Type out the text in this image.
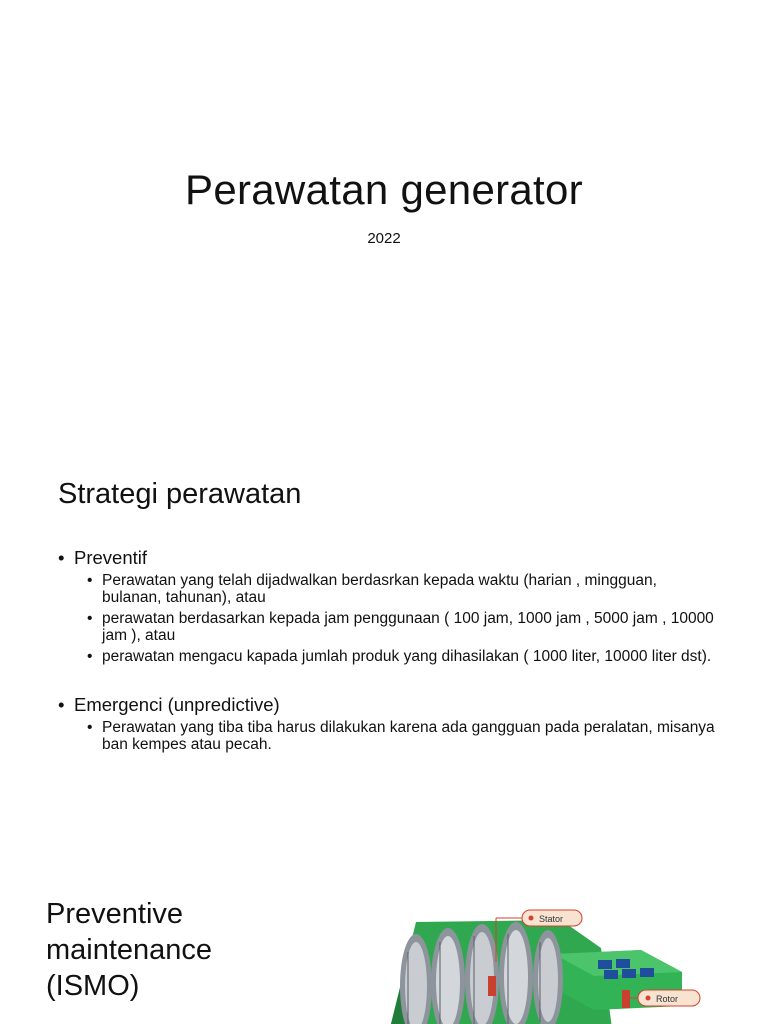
Perawatan generator
2022
Strategi perawatan
• Preventif
• Perawatan yang telah dijadwalkan berdasrkan kepada waktu (harian , mingguan, bulanan, tahunan), atau
• perawatan berdasarkan kepada jam penggunaan ( 100 jam, 1000 jam , 5000 jam , 10000 jam ), atau
• perawatan mengacu kapada jumlah produk yang dihasilakan ( 1000 liter, 10000 liter dst).
• Emergenci (unpredictive)
• Perawatan yang tiba tiba harus dilakukan karena ada gangguan pada peralatan, misanya ban kempes atau pecah.
Preventive maintenance (ISMO)
Stator
Rotor
